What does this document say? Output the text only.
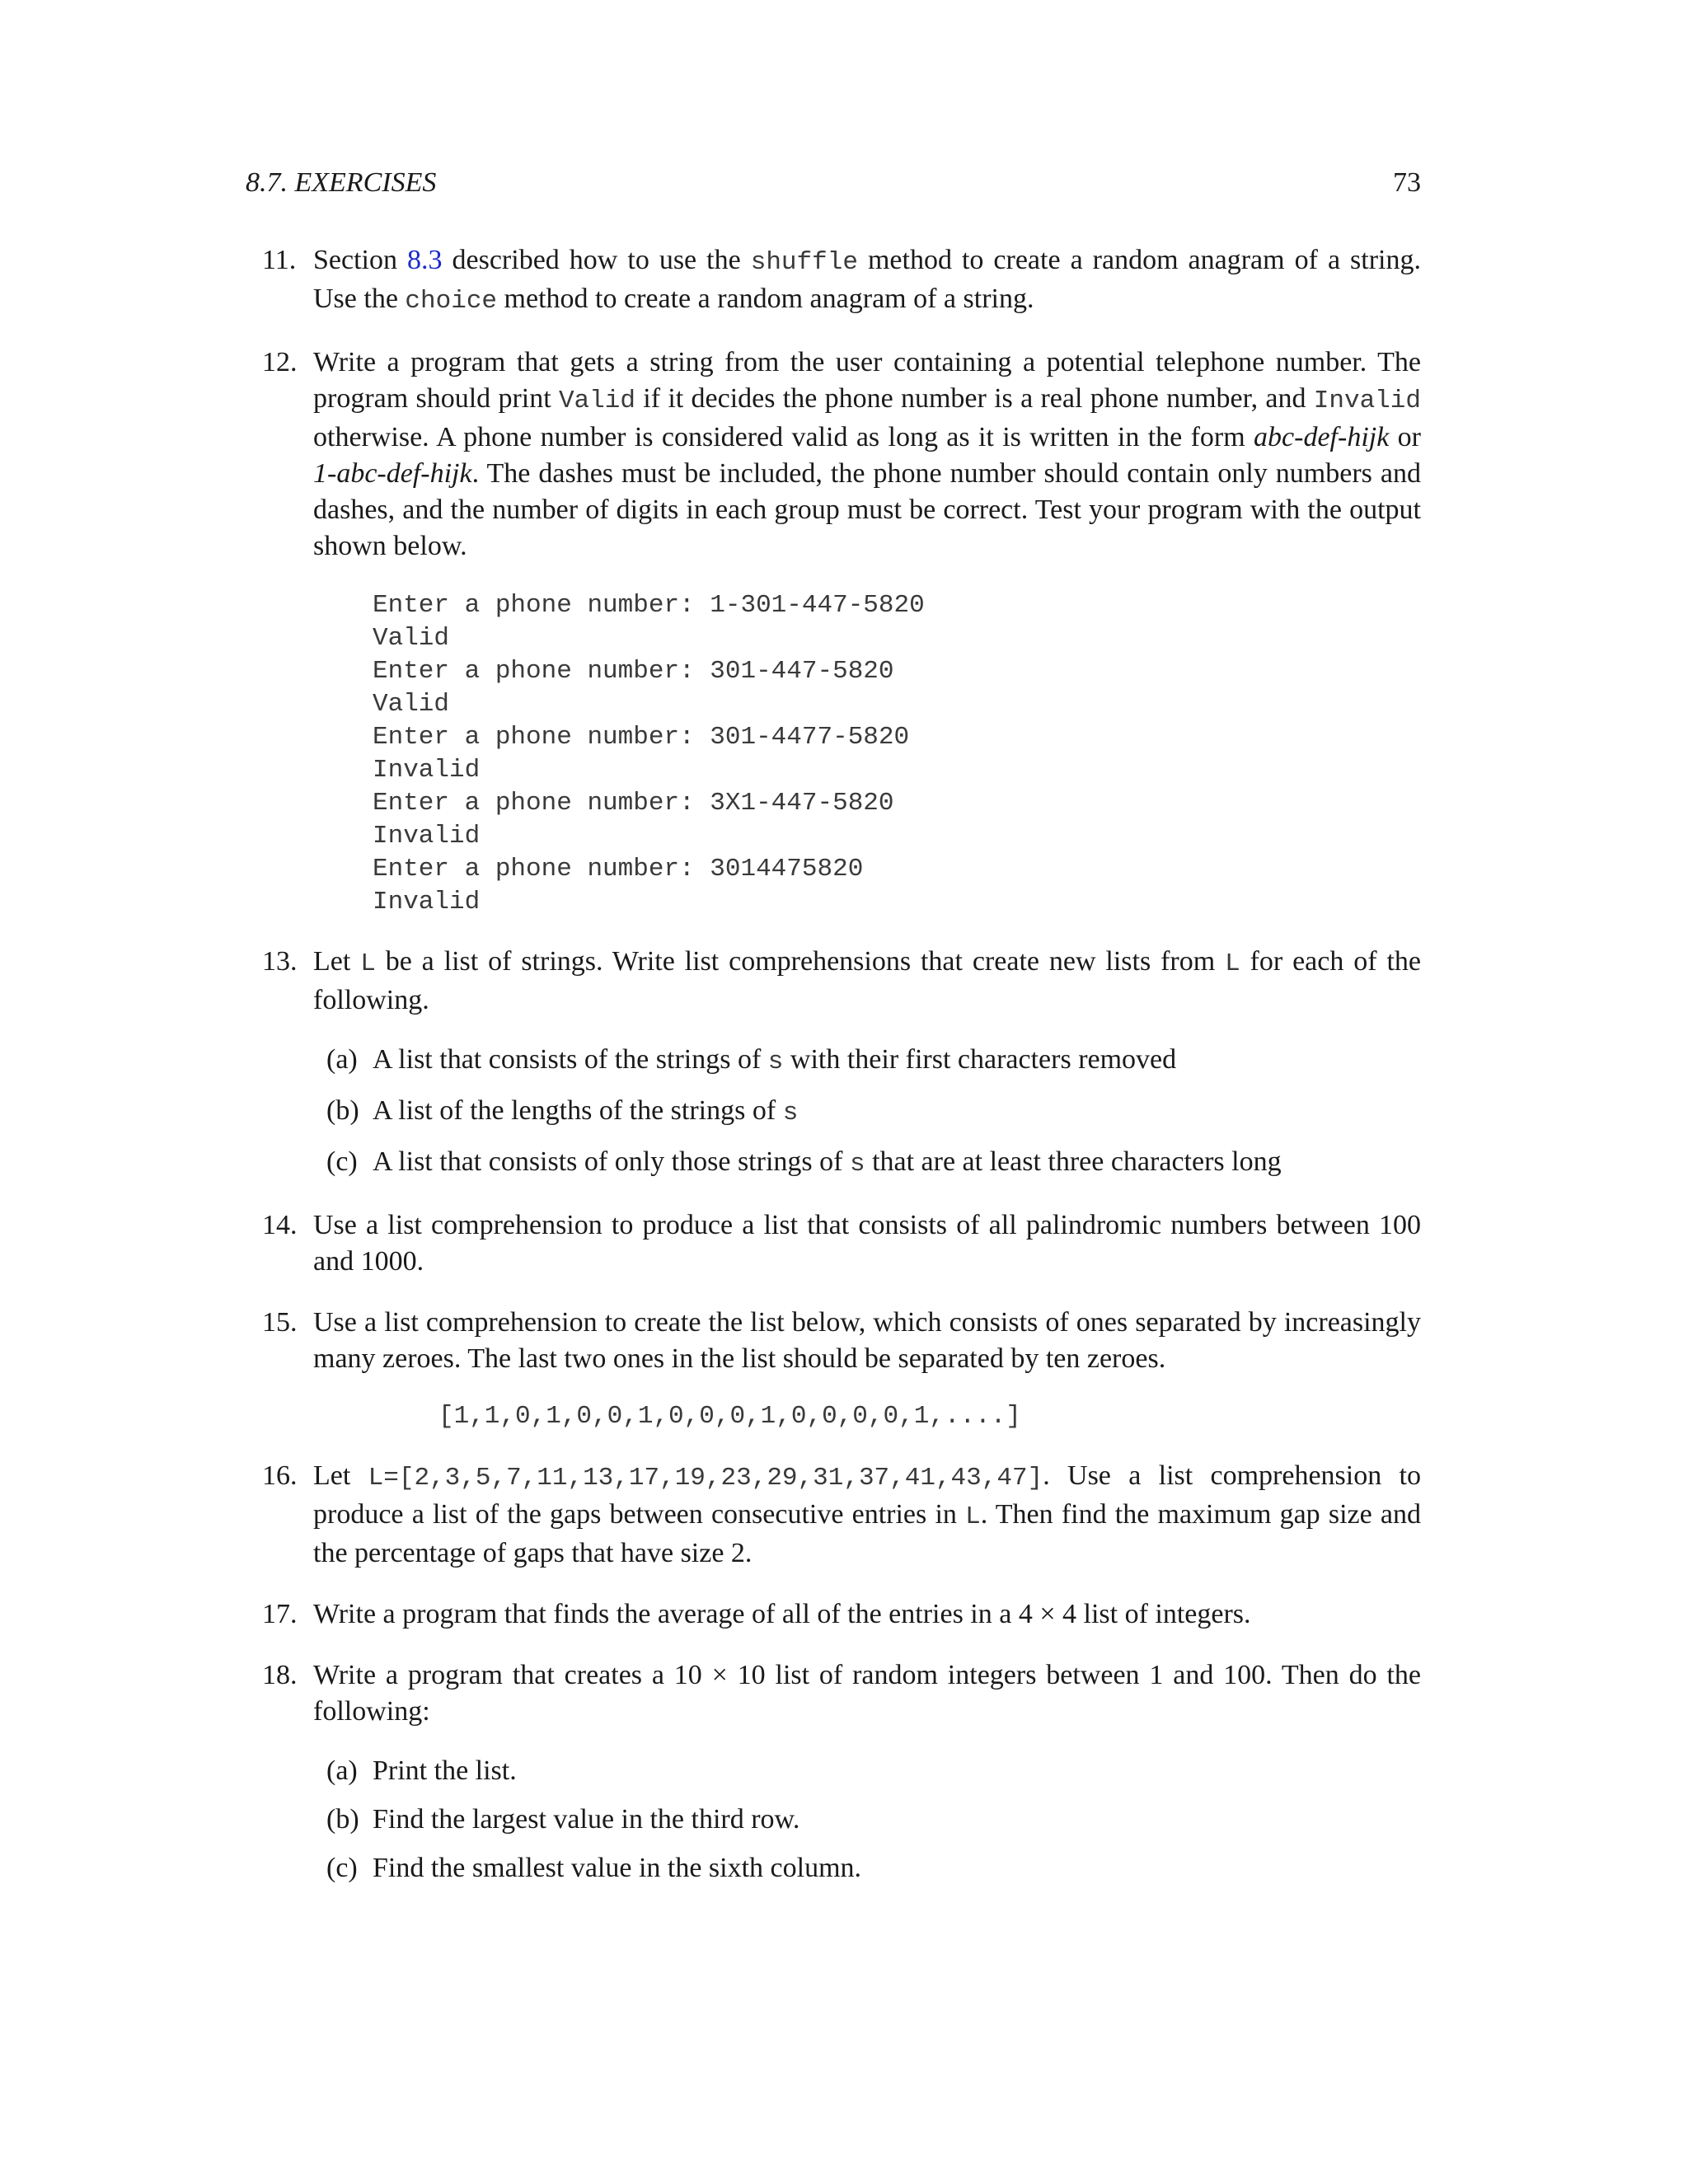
8.7. EXERCISES	73
11. Section 8.3 described how to use the shuffle method to create a random anagram of a string. Use the choice method to create a random anagram of a string.

12. Write a program that gets a string from the user containing a potential telephone number. The program should print Valid if it decides the phone number is a real phone number, and Invalid otherwise. A phone number is considered valid as long as it is written in the form abc-def-hijk or 1-abc-def-hijk. The dashes must be included, the phone number should contain only numbers and dashes, and the number of digits in each group must be correct. Test your program with the output shown below.

Enter a phone number: 1-301-447-5820
Valid
Enter a phone number: 301-447-5820
Valid
Enter a phone number: 301-4477-5820
Invalid
Enter a phone number: 3X1-447-5820
Invalid
Enter a phone number: 3014475820
Invalid
13. Let L be a list of strings. Write list comprehensions that create new lists from L for each of the following.

(a) A list that consists of the strings of s with their first characters removed
(b) A list of the lengths of the strings of s
(c) A list that consists of only those strings of s that are at least three characters long
14. Use a list comprehension to produce a list that consists of all palindromic numbers between 100 and 1000.

15. Use a list comprehension to create the list below, which consists of ones separated by increasingly many zeroes. The last two ones in the list should be separated by ten zeroes.

[1,1,0,1,0,0,1,0,0,0,1,0,0,0,0,1,....]
16. Let L=[2,3,5,7,11,13,17,19,23,29,31,37,41,43,47]. Use a list comprehension to produce a list of the gaps between consecutive entries in L. Then find the maximum gap size and the percentage of gaps that have size 2.

17. Write a program that finds the average of all of the entries in a 4 × 4 list of integers.

18. Write a program that creates a 10 × 10 list of random integers between 1 and 100. Then do the following:

(a) Print the list.
(b) Find the largest value in the third row.
(c) Find the smallest value in the sixth column.
